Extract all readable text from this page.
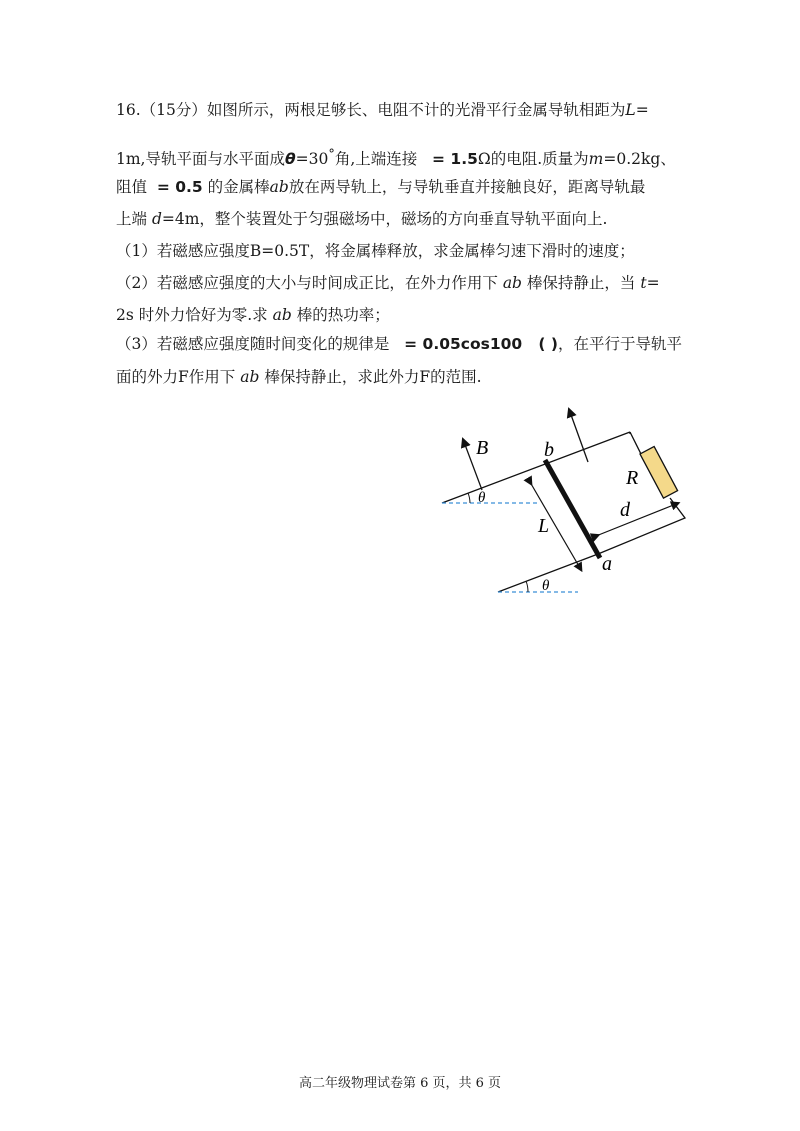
16.（15分）如图所示，两根足够长、电阻不计的光滑平行金属导轨相距为L=
1m,导轨平面与水平面成θ=30°角,上端连接 = 1.5Ω的电阻.质量为m=0.2kg、
阻值 = 0.5 的金属棒ab放在两导轨上，与导轨垂直并接触良好，距离导轨最
上端 d=4m，整个装置处于匀强磁场中，磁场的方向垂直导轨平面向上.
（1）若磁感应强度B=0.5T，将金属棒释放，求金属棒匀速下滑时的速度；
（2）若磁感应强度的大小与时间成正比，在外力作用下 ab 棒保持静止，当 t=
2s 时外力恰好为零.求 ab 棒的热功率；
（3）若磁感应强度随时间变化的规律是 = 0.05cos100   ( )，在平行于导轨平
面的外力F作用下 ab 棒保持静止，求此外力F的范围.
B	b
R
θ
d
L
a
θ
高二年级物理试卷第 6 页，共 6 页
